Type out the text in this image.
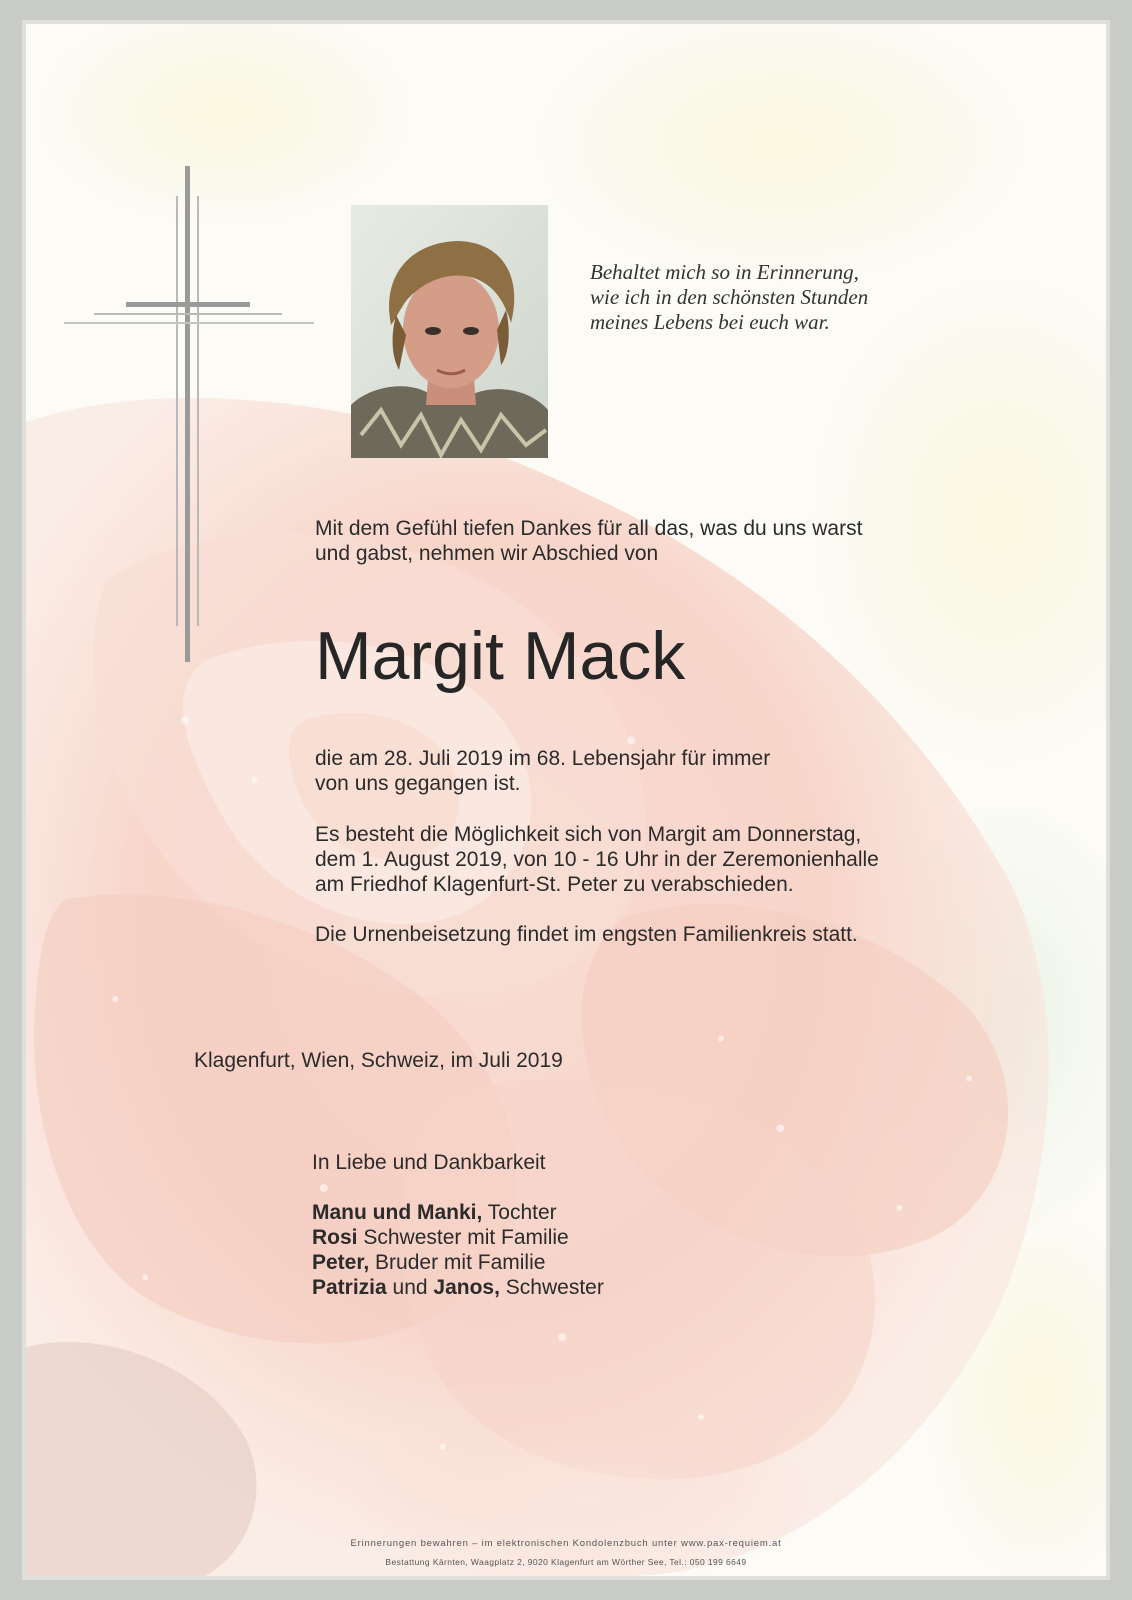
Behaltet mich so in Erinnerung,
wie ich in den schönsten Stunden
meines Lebens bei euch war.
Mit dem Gefühl tiefen Dankes für all das, was du uns warst
und gabst, nehmen wir Abschied von
Margit Mack
die am 28. Juli 2019 im 68. Lebensjahr für immer
von uns gegangen ist.
Es besteht die Möglichkeit sich von Margit am Donnerstag,
dem 1. August 2019, von 10 - 16 Uhr in der Zeremonienhalle
am Friedhof Klagenfurt-St. Peter zu verabschieden.
Die Urnenbeisetzung findet im engsten Familienkreis statt.
Klagenfurt, Wien, Schweiz, im Juli 2019
In Liebe und Dankbarkeit
Manu und Manki, Tochter
Rosi Schwester mit Familie
Peter, Bruder mit Familie
Patrizia und Janos, Schwester
Erinnerungen bewahren – im elektronischen Kondolenzbuch unter www.pax-requiem.at
Bestattung Kärnten, Waagplatz 2, 9020 Klagenfurt am Wörther See, Tel.: 050 199 6649
